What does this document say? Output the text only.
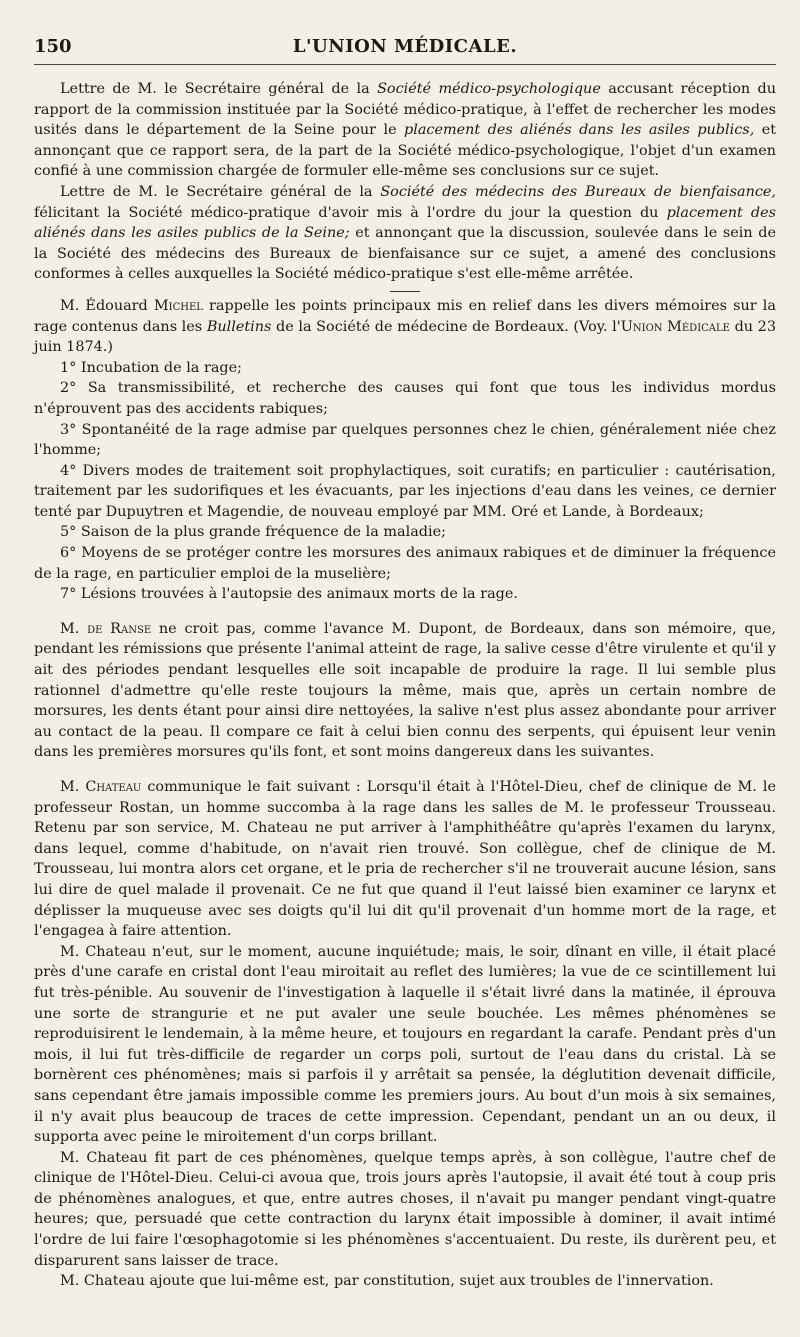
150	L'UNION MÉDICALE.

Lettre de M. le Secrétaire général de la Société médico-psychologique accusant réception du rapport de la commission instituée par la Société médico-pratique, à l'effet de rechercher les modes usités dans le département de la Seine pour le placement des aliénés dans les asiles publics, et annonçant que ce rapport sera, de la part de la Société médico-psychologique, l'objet d'un examen confié à une commission chargée de formuler elle-même ses conclusions sur ce sujet.

Lettre de M. le Secrétaire général de la Société des médecins des Bureaux de bienfaisance, félicitant la Société médico-pratique d'avoir mis à l'ordre du jour la question du placement des aliénés dans les asiles publics de la Seine; et annonçant que la discussion, soulevée dans le sein de la Société des médecins des Bureaux de bienfaisance sur ce sujet, a amené des conclusions conformes à celles auxquelles la Société médico-pratique s'est elle-même arrêtée.

M. Édouard Michel rappelle les points principaux mis en relief dans les divers mémoires sur la rage contenus dans les Bulletins de la Société de médecine de Bordeaux. (Voy. l'Union Médicale du 23 juin 1874.)

1° Incubation de la rage;

2° Sa transmissibilité, et recherche des causes qui font que tous les individus mordus n'éprouvent pas des accidents rabiques;

3° Spontanéité de la rage admise par quelques personnes chez le chien, généralement niée chez l'homme;

4° Divers modes de traitement soit prophylactiques, soit curatifs; en particulier : cautérisation, traitement par les sudorifiques et les évacuants, par les injections d'eau dans les veines, ce dernier tenté par Dupuytren et Magendie, de nouveau employé par MM. Oré et Lande, à Bordeaux;

5° Saison de la plus grande fréquence de la maladie;

6° Moyens de se protéger contre les morsures des animaux rabiques et de diminuer la fréquence de la rage, en particulier emploi de la muselière;

7° Lésions trouvées à l'autopsie des animaux morts de la rage.

M. de Ranse ne croit pas, comme l'avance M. Dupont, de Bordeaux, dans son mémoire, que, pendant les rémissions que présente l'animal atteint de rage, la salive cesse d'être virulente et qu'il y ait des périodes pendant lesquelles elle soit incapable de produire la rage. Il lui semble plus rationnel d'admettre qu'elle reste toujours la même, mais que, après un certain nombre de morsures, les dents étant pour ainsi dire nettoyées, la salive n'est plus assez abondante pour arriver au contact de la peau. Il compare ce fait à celui bien connu des serpents, qui épuisent leur venin dans les premières morsures qu'ils font, et sont moins dangereux dans les suivantes.

M. Chateau communique le fait suivant : Lorsqu'il était à l'Hôtel-Dieu, chef de clinique de M. le professeur Rostan, un homme succomba à la rage dans les salles de M. le professeur Trousseau. Retenu par son service, M. Chateau ne put arriver à l'amphithéâtre qu'après l'examen du larynx, dans lequel, comme d'habitude, on n'avait rien trouvé. Son collègue, chef de clinique de M. Trousseau, lui montra alors cet organe, et le pria de rechercher s'il ne trouverait aucune lésion, sans lui dire de quel malade il provenait. Ce ne fut que quand il l'eut laissé bien examiner ce larynx et déplisser la muqueuse avec ses doigts qu'il lui dit qu'il provenait d'un homme mort de la rage, et l'engagea à faire attention.

M. Chateau n'eut, sur le moment, aucune inquiétude; mais, le soir, dînant en ville, il était placé près d'une carafe en cristal dont l'eau miroitait au reflet des lumières; la vue de ce scintillement lui fut très-pénible. Au souvenir de l'investigation à laquelle il s'était livré dans la matinée, il éprouva une sorte de strangurie et ne put avaler une seule bouchée. Les mêmes phénomènes se reproduisirent le lendemain, à la même heure, et toujours en regardant la carafe. Pendant près d'un mois, il lui fut très-difficile de regarder un corps poli, surtout de l'eau dans du cristal. Là se bornèrent ces phénomènes; mais si parfois il y arrêtait sa pensée, la déglutition devenait difficile, sans cependant être jamais impossible comme les premiers jours. Au bout d'un mois à six semaines, il n'y avait plus beaucoup de traces de cette impression. Cependant, pendant un an ou deux, il supporta avec peine le miroitement d'un corps brillant.

M. Chateau fit part de ces phénomènes, quelque temps après, à son collègue, l'autre chef de clinique de l'Hôtel-Dieu. Celui-ci avoua que, trois jours après l'autopsie, il avait été tout à coup pris de phénomènes analogues, et que, entre autres choses, il n'avait pu manger pendant vingt-quatre heures; que, persuadé que cette contraction du larynx était impossible à dominer, il avait intimé l'ordre de lui faire l'œsophagotomie si les phénomènes s'accentuaient. Du reste, ils durèrent peu, et disparurent sans laisser de trace.

M. Chateau ajoute que lui-même est, par constitution, sujet aux troubles de l'innervation.
